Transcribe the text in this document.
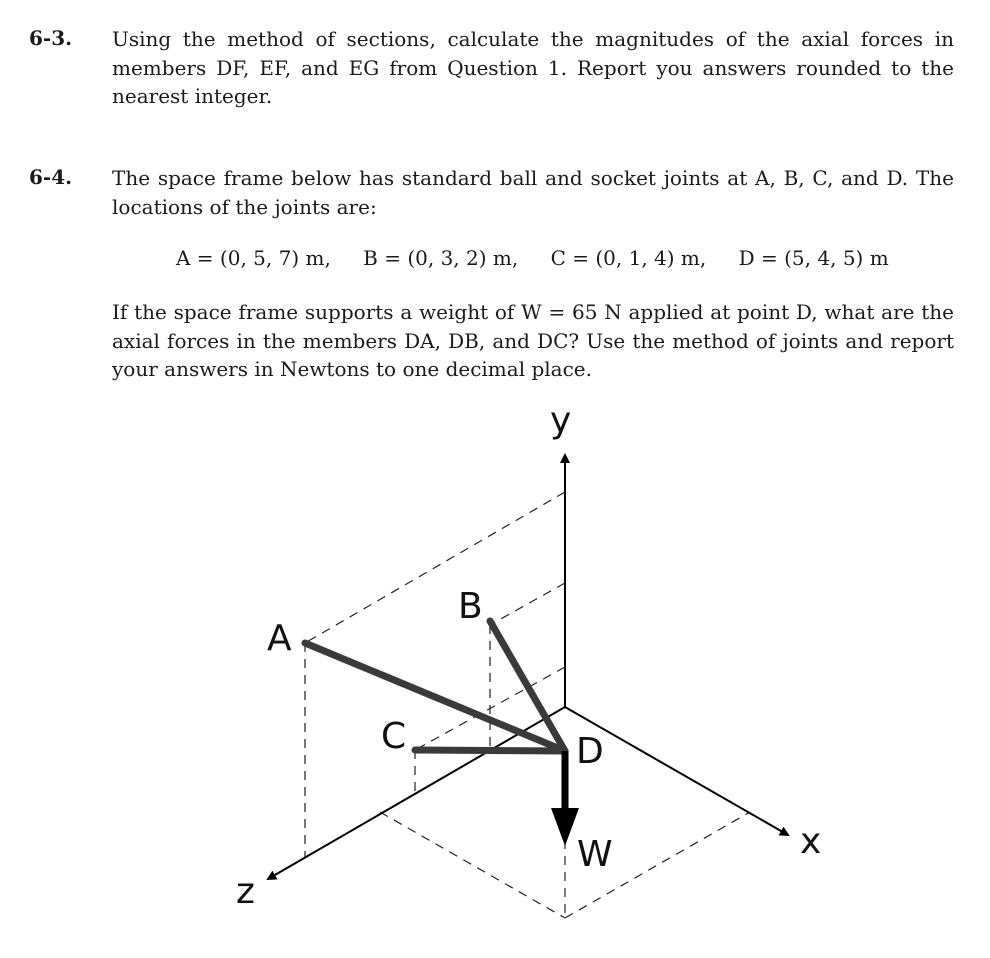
6-3. Using the method of sections, calculate the magnitudes of the axial forces in members DF, EF, and EG from Question 1. Report you answers rounded to the nearest integer.
6-4. The space frame below has standard ball and socket joints at A, B, C, and D. The locations of the joints are:
A = (0, 5, 7) m, B = (0, 3, 2) m, C = (0, 1, 4) m, D = (5, 4, 5) m
If the space frame supports a weight of W = 65 N applied at point D, what are the axial forces in the members DA, DB, and DC? Use the method of joints and report your answers in Newtons to one decimal place.
y
x
z
A
B
C	D
W
